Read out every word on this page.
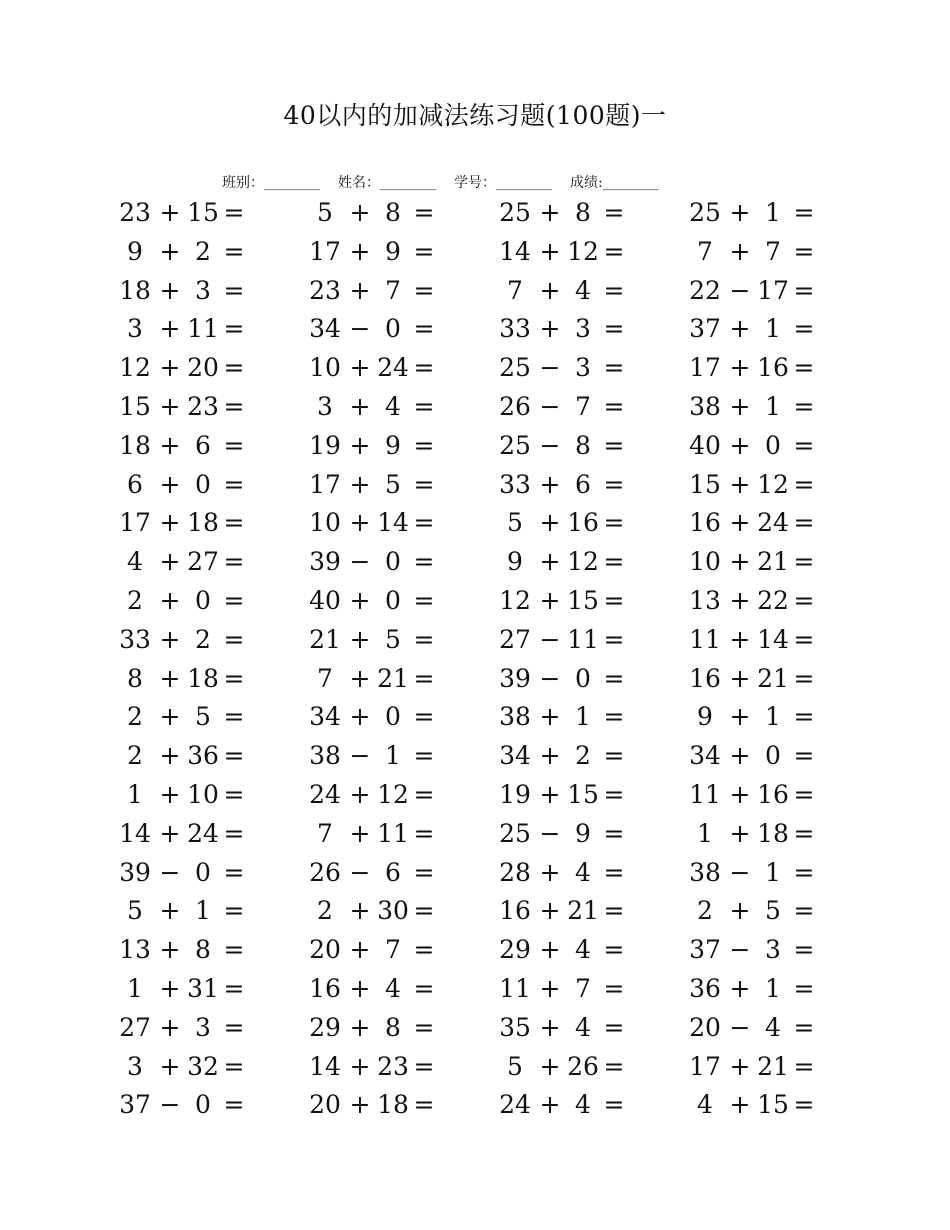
40以内的加减法练习题(100题)一
班别：________ 姓名：________ 学号：________ 成绩:________
23 + 15 =	5 + 8 =	25 + 8 =	25 + 1 =
9 + 2 =	17 + 9 =	14 + 12 =	7 + 7 =
18 + 3 =	23 + 7 =	7 + 4 =	22 − 17 =
3 + 11 =	34 − 0 =	33 + 3 =	37 + 1 =
12 + 20 =	10 + 24 =	25 − 3 =	17 + 16 =
15 + 23 =	3 + 4 =	26 − 7 =	38 + 1 =
18 + 6 =	19 + 9 =	25 − 8 =	40 + 0 =
6 + 0 =	17 + 5 =	33 + 6 =	15 + 12 =
17 + 18 =	10 + 14 =	5 + 16 =	16 + 24 =
4 + 27 =	39 − 0 =	9 + 12 =	10 + 21 =
2 + 0 =	40 + 0 =	12 + 15 =	13 + 22 =
33 + 2 =	21 + 5 =	27 − 11 =	11 + 14 =
8 + 18 =	7 + 21 =	39 − 0 =	16 + 21 =
2 + 5 =	34 + 0 =	38 + 1 =	9 + 1 =
2 + 36 =	38 − 1 =	34 + 2 =	34 + 0 =
1 + 10 =	24 + 12 =	19 + 15 =	11 + 16 =
14 + 24 =	7 + 11 =	25 − 9 =	1 + 18 =
39 − 0 =	26 − 6 =	28 + 4 =	38 − 1 =
5 + 1 =	2 + 30 =	16 + 21 =	2 + 5 =
13 + 8 =	20 + 7 =	29 + 4 =	37 − 3 =
1 + 31 =	16 + 4 =	11 + 7 =	36 + 1 =
27 + 3 =	29 + 8 =	35 + 4 =	20 − 4 =
3 + 32 =	14 + 23 =	5 + 26 =	17 + 21 =
37 − 0 =	20 + 18 =	24 + 4 =	4 + 15 =
